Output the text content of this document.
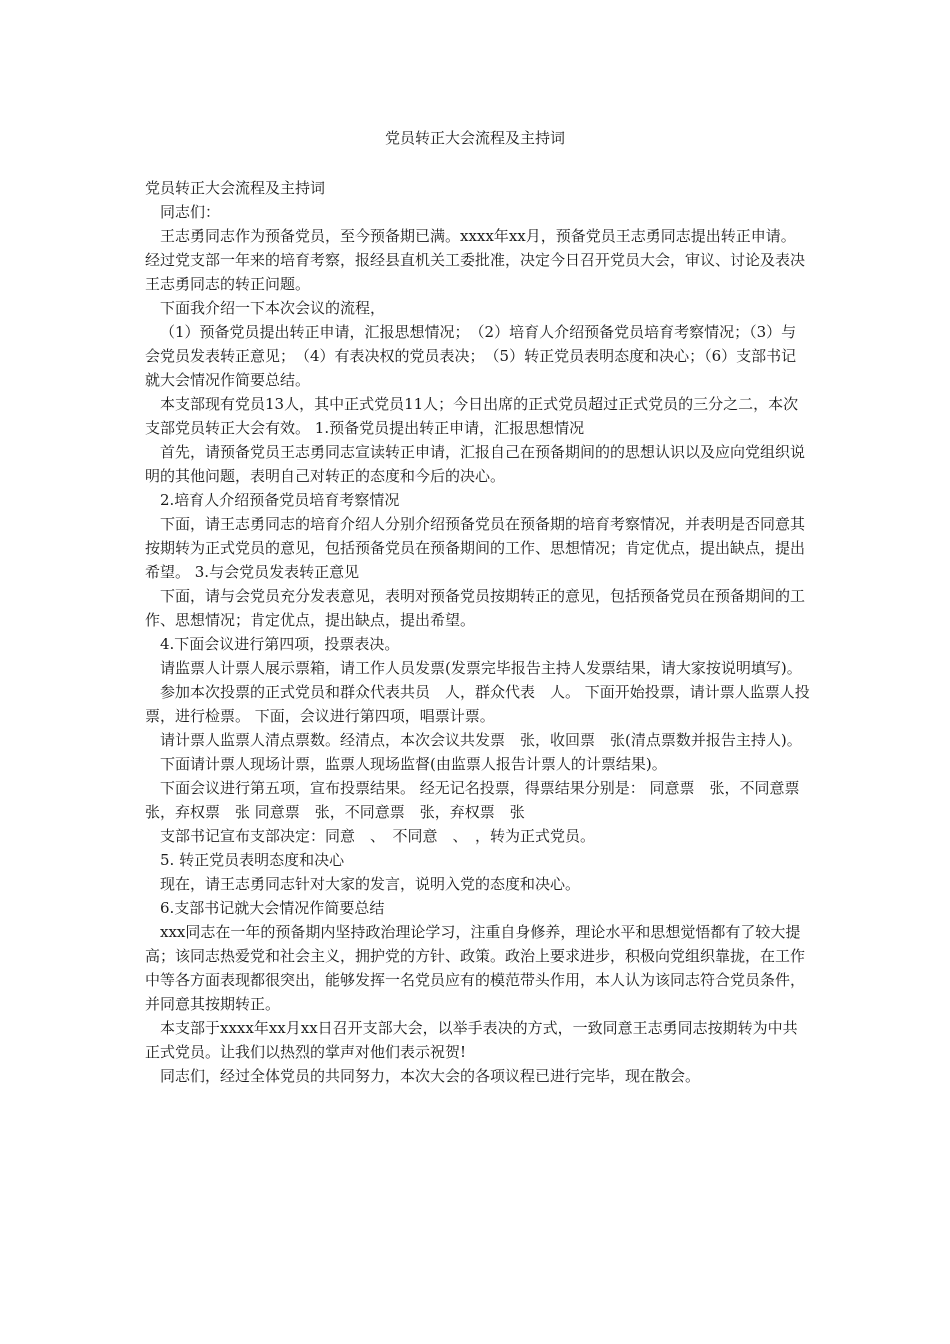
党员转正大会流程及主持词

党员转正大会流程及主持词

同志们：

王志勇同志作为预备党员，至今预备期已满。xxxx年xx月，预备党员王志勇同志提出转正申请。经过党支部一年来的培育考察，报经县直机关工委批准，决定今日召开党员大会，审议、讨论及表决王志勇同志的转正问题。

下面我介绍一下本次会议的流程，

（1）预备党员提出转正申请，汇报思想情况；　（2）培育人介绍预备党员培育考察情况；（3）与会党员发表转正意见；　（4）有表决权的党员表决；　（5）转正党员表明态度和决心；（6）支部书记就大会情况作简要总结。

本支部现有党员13人，其中正式党员11人；今日出席的正式党员超过正式党员的三分之二，本次支部党员转正大会有效。 1.预备党员提出转正申请，汇报思想情况

首先，请预备党员王志勇同志宣读转正申请，汇报自己在预备期间的的思想认识以及应向党组织说明的其他问题，表明自己对转正的态度和今后的决心。

2.培育人介绍预备党员培育考察情况

下面，请王志勇同志的培育介绍人分别介绍预备党员在预备期的培育考察情况，并表明是否同意其按期转为正式党员的意见，包括预备党员在预备期间的工作、思想情况；肯定优点，提出缺点，提出希望。 3.与会党员发表转正意见

下面，请与会党员充分发表意见，表明对预备党员按期转正的意见，包括预备党员在预备期间的工作、思想情况；肯定优点，提出缺点，提出希望。

4.下面会议进行第四项，投票表决。

请监票人计票人展示票箱，请工作人员发票(发票完毕报告主持人发票结果，请大家按说明填写)。

参加本次投票的正式党员和群众代表共员　人，群众代表　人。 下面开始投票，请计票人监票人投票，进行检票。 下面，会议进行第四项，唱票计票。

请计票人监票人清点票数。经清点，本次会议共发票　张，收回票　张(清点票数并报告主持人)。

下面请计票人现场计票，监票人现场监督(由监票人报告计票人的计票结果)。

下面会议进行第五项，宣布投票结果。 经无记名投票，得票结果分别是： 同意票　张，不同意票　张，弃权票　张 同意票　张，不同意票　张，弃权票　张

支部书记宣布支部决定：同意　、　不同意　、　，转为正式党员。

5. 转正党员表明态度和决心

现在，请王志勇同志针对大家的发言，说明入党的态度和决心。

6.支部书记就大会情况作简要总结

xxx同志在一年的预备期内坚持政治理论学习，注重自身修养，理论水平和思想觉悟都有了较大提高；该同志热爱党和社会主义，拥护党的方针、政策。政治上要求进步，积极向党组织靠拢，在工作中等各方面表现都很突出，能够发挥一名党员应有的模范带头作用，本人认为该同志符合党员条件，并同意其按期转正。

本支部于xxxx年xx月xx日召开支部大会，以举手表决的方式，一致同意王志勇同志按期转为中共正式党员。让我们以热烈的掌声对他们表示祝贺!

同志们，经过全体党员的共同努力，本次大会的各项议程已进行完毕，现在散会。
